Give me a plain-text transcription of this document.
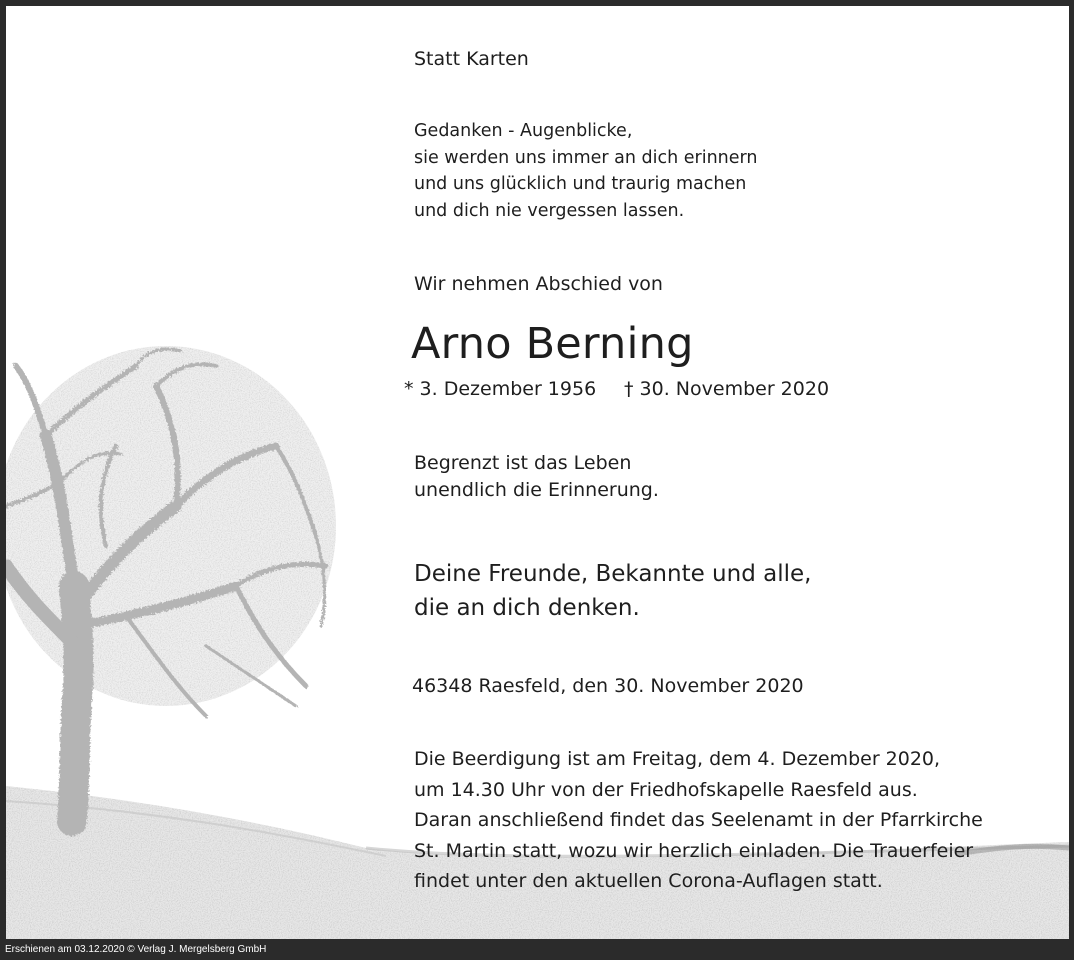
Statt Karten
Gedanken - Augenblicke,
sie werden uns immer an dich erinnern
und uns glücklich und traurig machen
und dich nie vergessen lassen.
Wir nehmen Abschied von
Arno Berning
* 3. Dezember 1956 † 30. November 2020
Begrenzt ist das Leben
unendlich die Erinnerung.
Deine Freunde, Bekannte und alle,
die an dich denken.
46348 Raesfeld, den 30. November 2020
Die Beerdigung ist am Freitag, dem 4. Dezember 2020,
um 14.30 Uhr von der Friedhofskapelle Raesfeld aus.
Daran anschließend findet das Seelenamt in der Pfarrkirche
St. Martin statt, wozu wir herzlich einladen. Die Trauerfeier
findet unter den aktuellen Corona-Auflagen statt.
Erschienen am 03.12.2020 © Verlag J. Mergelsberg GmbH
